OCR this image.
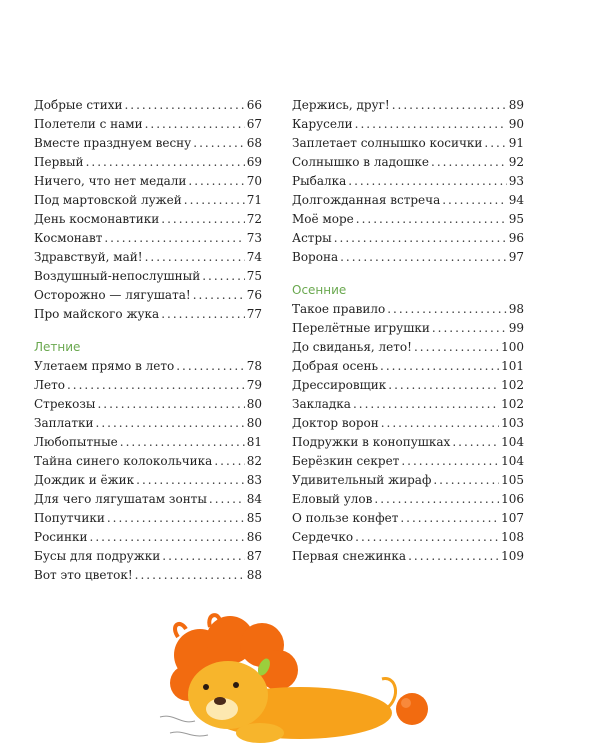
Добрые стихи .....	66
Полетели с нами .....	67
Вместе празднуем весну .....	68
Первый .....	69
Ничего, что нет медали .....	70
Под мартовской лужей .....	71
День космонавтики .....	72
Космонавт .....	73
Здравствуй, май! .....	74
Воздушный-непослушный .....	75
Осторожно — лягушата! .....	76
Про майского жука .....	77
Летние
Улетаем прямо в лето .....	78
Лето .....	79
Стрекозы .....	80
Заплатки .....	80
Любопытные .....	81
Тайна синего колокольчика .....	82
Дождик и ёжик .....	83
Для чего лягушатам зонты .....	84
Попутчики .....	85
Росинки .....	86
Бусы для подружки .....	87
Вот это цветок! .....	88
Держись, друг! .....	89
Карусели .....	90
Заплетает солнышко косички ..... 91
Солнышко в ладошке .....	92
Рыбалка .....	93
Долгожданная встреча .....	94
Моё море .....	95
Астры .....	96
Ворона .....	97
Осенние
Такое правило .....	98
Перелётные игрушки .....	99
До свиданья, лето! .....	100
Добрая осень .....	101
Дрессировщик .....	102
Закладка .....	102
Доктор ворон .....	103
Подружки в конопушках .....	104
Берёзкин секрет .....	104
Удивительный жираф .....	105
Еловый улов .....	106
О пользе конфет .....	107
Сердечко .....	108
Первая снежинка .....	109
